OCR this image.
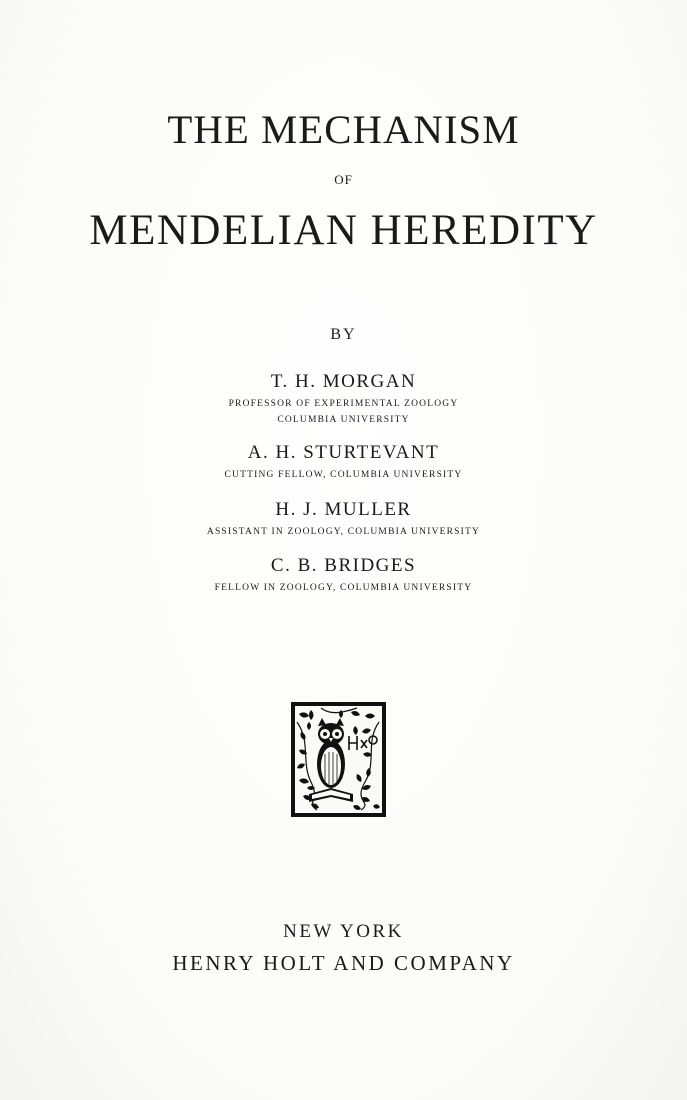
THE MECHANISM
OF
MENDELIAN HEREDITY
BY
T. H. MORGAN
PROFESSOR OF EXPERIMENTAL ZOOLOGY
COLUMBIA UNIVERSITY
A. H. STURTEVANT
CUTTING FELLOW, COLUMBIA UNIVERSITY
H. J. MULLER
ASSISTANT IN ZOOLOGY, COLUMBIA UNIVERSITY
C. B. BRIDGES
FELLOW IN ZOOLOGY, COLUMBIA UNIVERSITY
NEW YORK
HENRY HOLT AND COMPANY
